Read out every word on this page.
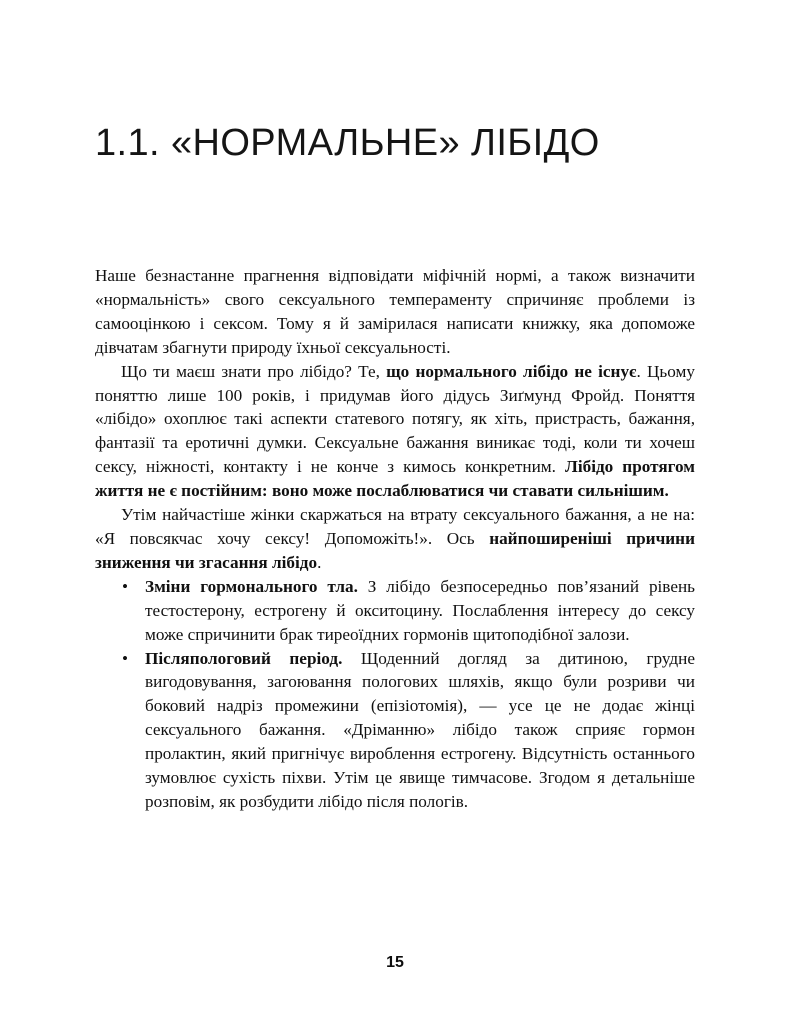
1.1. «НОРМАЛЬНЕ» ЛІБІДО

Наше безнастанне прагнення відповідати міфічній нормі, а також визначити «нормальність» свого сексуального темпераменту спричиняє проблеми із самооцінкою і сексом. Тому я й замірилася написати книжку, яка допоможе дівчатам збагнути природу їхньої сексуальності.

Що ти маєш знати про лібідо? Те, що нормального лібідо не існує. Цьому поняттю лише 100 років, і придумав його дідусь Зиґмунд Фройд. Поняття «лібідо» охоплює такі аспекти статевого потягу, як хіть, пристрасть, бажання, фантазії та еротичні думки. Сексуальне бажання виникає тоді, коли ти хочеш сексу, ніжності, контакту і не конче з кимось конкретним. Лібідо протягом життя не є постійним: воно може послаблюватися чи ставати сильнішим.

Утім найчастіше жінки скаржаться на втрату сексуального бажання, а не на: «Я повсякчас хочу сексу! Допоможіть!». Ось найпоширеніші причини зниження чи згасання лібідо.

• Зміни гормонального тла. З лібідо безпосередньо пов’язаний рівень тестостерону, естрогену й окситоцину. Послаблення інтересу до сексу може спричинити брак тиреоїдних гормонів щитоподібної залози.
• Післяпологовий період. Щоденний догляд за дитиною, грудне вигодовування, загоювання пологових шляхів, якщо були розриви чи боковий надріз промежини (епізіотомія), — усе це не додає жінці сексуального бажання. «Дріманню» лібідо також сприяє гормон пролактин, який пригнічує вироблення естрогену. Відсутність останнього зумовлює сухість піхви. Утім це явище тимчасове. Згодом я детальніше розповім, як розбудити лібідо після пологів.
15
